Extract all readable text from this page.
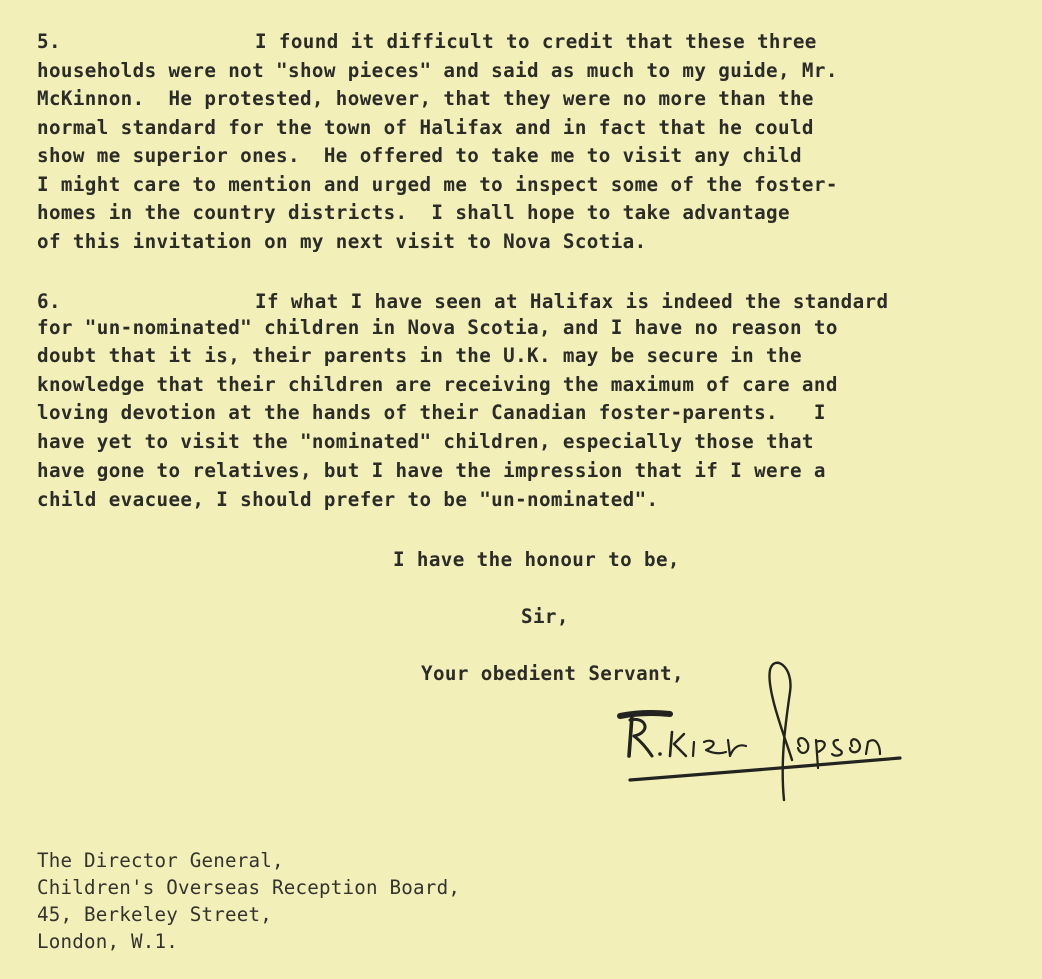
5.	I found it difficult to credit that these three
households were not "show pieces" and said as much to my guide, Mr.
McKinnon.  He protested, however, that they were no more than the
normal standard for the town of Halifax and in fact that he could
show me superior ones.  He offered to take me to visit any child
I might care to mention and urged me to inspect some of the foster-
homes in the country districts.  I shall hope to take advantage
of this invitation on my next visit to Nova Scotia.
6.	If what I have seen at Halifax is indeed the standard
for "un-nominated" children in Nova Scotia, and I have no reason to
doubt that it is, their parents in the U.K. may be secure in the
knowledge that their children are receiving the maximum of care and
loving devotion at the hands of their Canadian foster-parents.   I
have yet to visit the "nominated" children, especially those that
have gone to relatives, but I have the impression that if I were a
child evacuee, I should prefer to be "un-nominated".
I have the honour to be,
Sir,
Your obedient Servant,
The Director General,
Children's Overseas Reception Board,
45, Berkeley Street,
London, W.1.
